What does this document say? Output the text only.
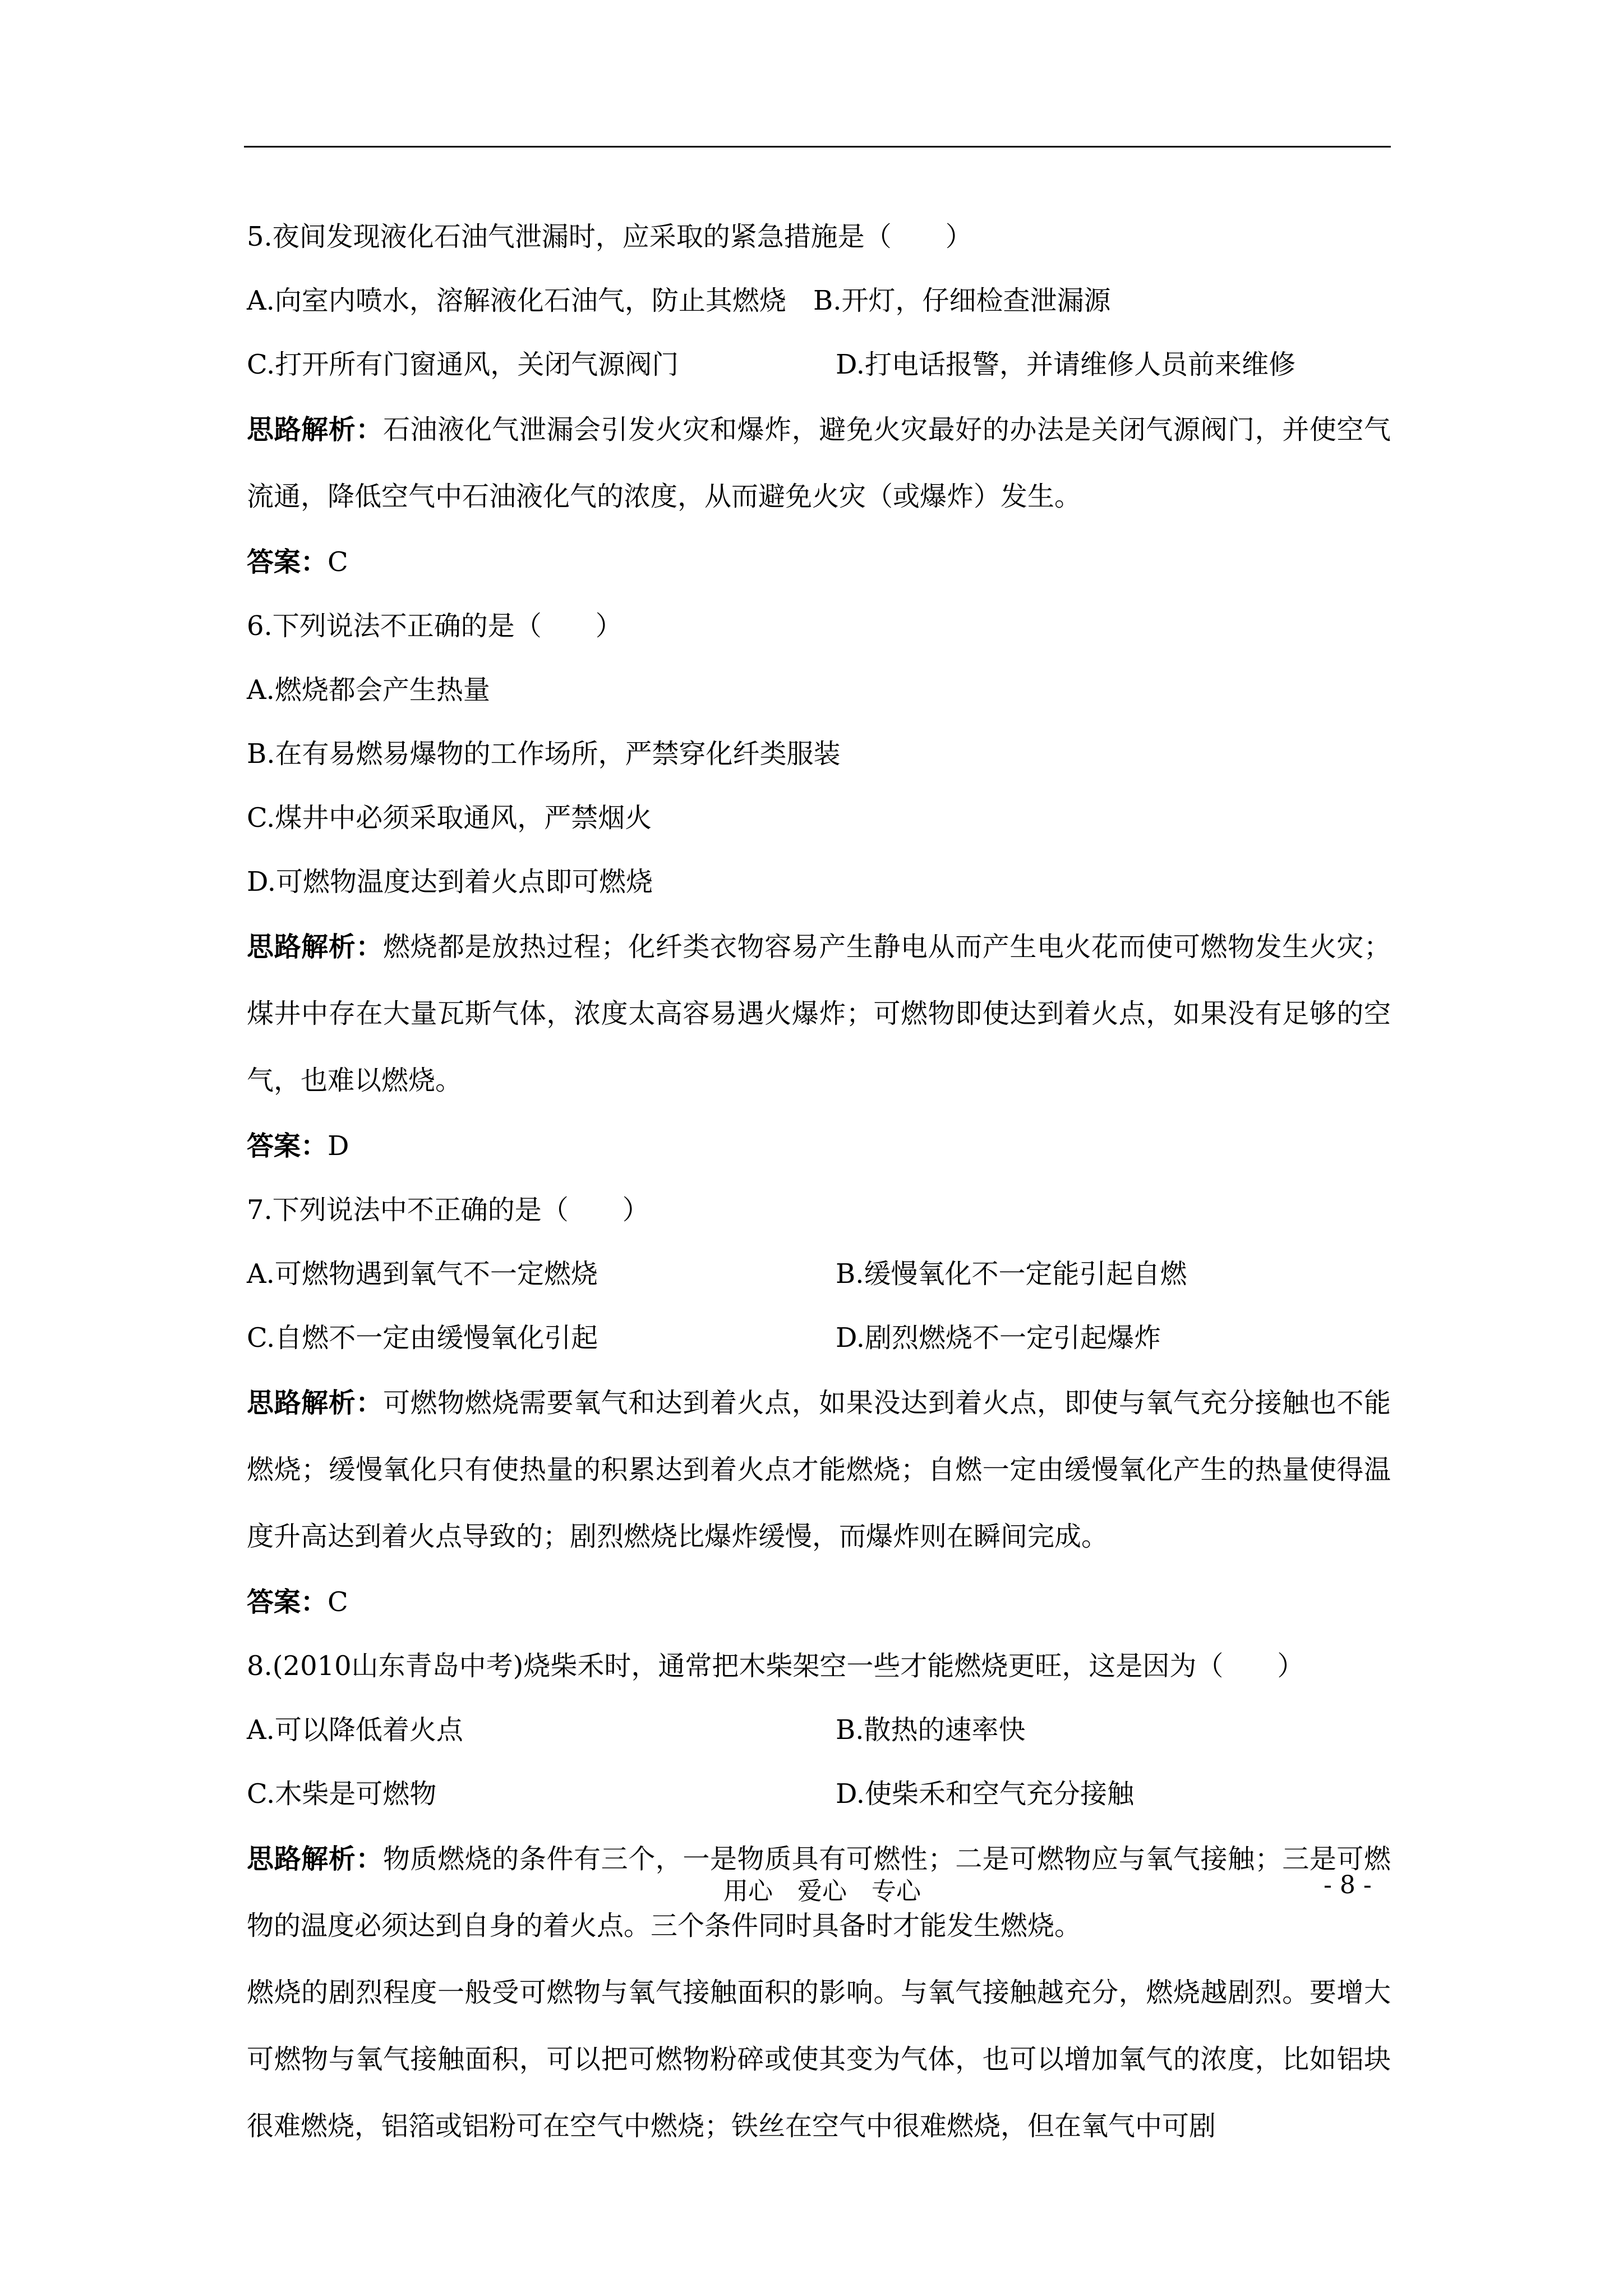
5.夜间发现液化石油气泄漏时，应采取的紧急措施是（　　）
A.向室内喷水，溶解液化石油气，防止其燃烧 B.开灯，仔细检查泄漏源
C.打开所有门窗通风，关闭气源阀门	D.打电话报警，并请维修人员前来维修
思路解析：石油液化气泄漏会引发火灾和爆炸，避免火灾最好的办法是关闭气源阀门，并使空气流通，降低空气中石油液化气的浓度，从而避免火灾（或爆炸）发生。
答案：C
6.下列说法不正确的是（　　）
A.燃烧都会产生热量
B.在有易燃易爆物的工作场所，严禁穿化纤类服装
C.煤井中必须采取通风，严禁烟火
D.可燃物温度达到着火点即可燃烧
思路解析：燃烧都是放热过程；化纤类衣物容易产生静电从而产生电火花而使可燃物发生火灾；煤井中存在大量瓦斯气体，浓度太高容易遇火爆炸；可燃物即使达到着火点，如果没有足够的空气，也难以燃烧。
答案：D
7.下列说法中不正确的是（　　）
A.可燃物遇到氧气不一定燃烧	B.缓慢氧化不一定能引起自燃
C.自燃不一定由缓慢氧化引起	D.剧烈燃烧不一定引起爆炸
思路解析：可燃物燃烧需要氧气和达到着火点，如果没达到着火点，即使与氧气充分接触也不能燃烧；缓慢氧化只有使热量的积累达到着火点才能燃烧；自燃一定由缓慢氧化产生的热量使得温度升高达到着火点导致的；剧烈燃烧比爆炸缓慢，而爆炸则在瞬间完成。
答案：C
8.(2010山东青岛中考)烧柴禾时，通常把木柴架空一些才能燃烧更旺，这是因为（　　）
A.可以降低着火点	B.散热的速率快
C.木柴是可燃物	D.使柴禾和空气充分接触
思路解析：物质燃烧的条件有三个，一是物质具有可燃性；二是可燃物应与氧气接触；三是可燃物的温度必须达到自身的着火点。三个条件同时具备时才能发生燃烧。
燃烧的剧烈程度一般受可燃物与氧气接触面积的影响。与氧气接触越充分，燃烧越剧烈。要增大可燃物与氧气接触面积，可以把可燃物粉碎或使其变为气体，也可以增加氧气的浓度，比如铝块很难燃烧，铝箔或铝粉可在空气中燃烧；铁丝在空气中很难燃烧，但在氧气中可剧
用心　爱心　专心	- 8 -
